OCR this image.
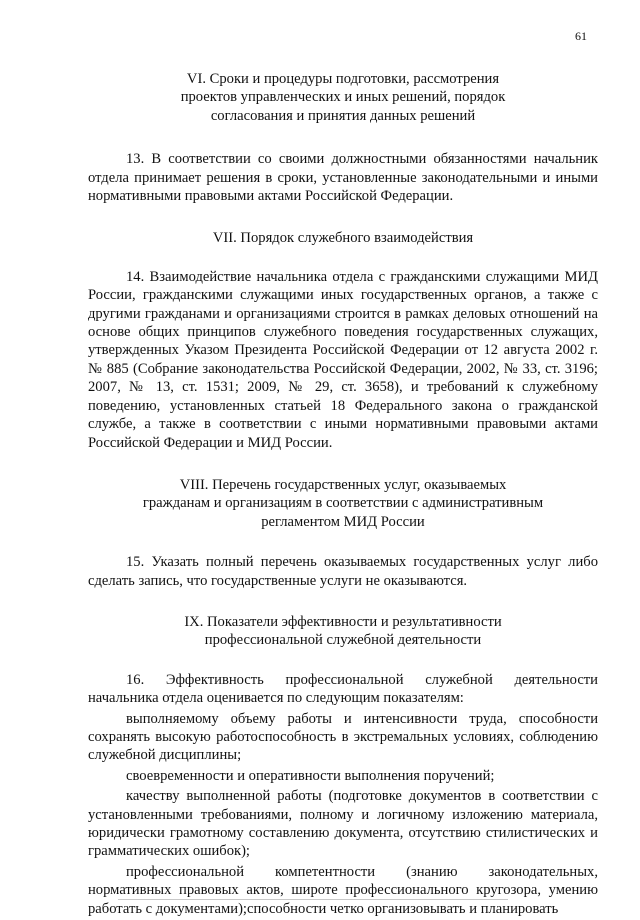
61
VI. Сроки и процедуры подготовки, рассмотрения
проектов управленческих и иных решений, порядок
согласования и принятия данных решений

13. В соответствии со своими должностными обязанностями начальник отдела принимает решения в сроки, установленные законодательными и иными нормативными правовыми актами Российской Федерации.

VII. Порядок служебного взаимодействия

14. Взаимодействие начальника отдела с гражданскими служащими МИД России, гражданскими служащими иных государственных органов, а также с другими гражданами и организациями строится в рамках деловых отношений на основе общих принципов служебного поведения государственных служащих, утвержденных Указом Президента Российской Федерации от 12 августа 2002 г. № 885 (Собрание законодательства Российской Федерации, 2002, № 33, ст. 3196; 2007, № 13, ст. 1531; 2009, № 29, ст. 3658), и требований к служебному поведению, установленных статьей 18 Федерального закона о гражданской службе, а также в соответствии с иными нормативными правовыми актами Российской Федерации и МИД России.

VIII. Перечень государственных услуг, оказываемых
гражданам и организациям в соответствии с административным
регламентом МИД России

15. Указать полный перечень оказываемых государственных услуг либо сделать запись, что государственные услуги не оказываются.

IX. Показатели эффективности и результативности
профессиональной служебной деятельности

16. Эффективность профессиональной служебной деятельности начальника отдела оценивается по следующим показателям:

выполняемому объему работы и интенсивности труда, способности сохранять высокую работоспособность в экстремальных условиях, соблюдению служебной дисциплины;

своевременности и оперативности выполнения поручений;

качеству выполненной работы (подготовке документов в соответствии с установленными требованиями, полному и логичному изложению материала, юридически грамотному составлению документа, отсутствию стилистических и грамматических ошибок);

профессиональной компетентности (знанию законодательных, нормативных правовых актов, широте профессионального кругозора, умению работать с документами);способности четко организовывать и планировать
